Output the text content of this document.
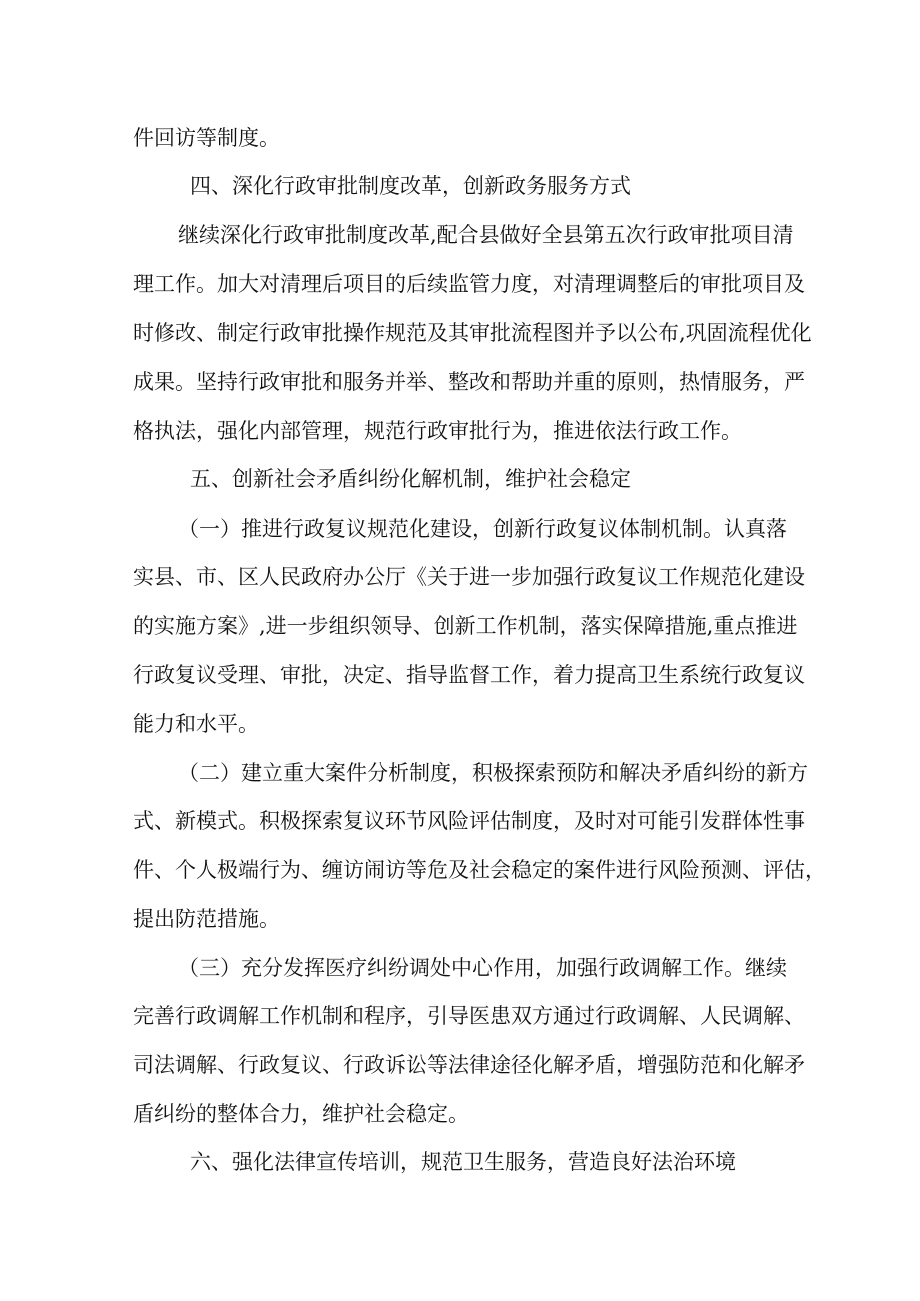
件回访等制度。
四、深化行政审批制度改革，创新政务服务方式
继续深化行政审批制度改革,配合县做好全县第五次行政审批项目清
理工作。加大对清理后项目的后续监管力度，对清理调整后的审批项目及
时修改、制定行政审批操作规范及其审批流程图并予以公布,巩固流程优化
成果。坚持行政审批和服务并举、整改和帮助并重的原则，热情服务，严
格执法，强化内部管理，规范行政审批行为，推进依法行政工作。
五、创新社会矛盾纠纷化解机制，维护社会稳定
（一）推进行政复议规范化建设，创新行政复议体制机制。认真落
实县、市、区人民政府办公厅《关于进一步加强行政复议工作规范化建设
的实施方案》,进一步组织领导、创新工作机制，落实保障措施,重点推进
行政复议受理、审批，决定、指导监督工作，着力提高卫生系统行政复议
能力和水平。
（二）建立重大案件分析制度，积极探索预防和解决矛盾纠纷的新方
式、新模式。积极探索复议环节风险评估制度，及时对可能引发群体性事
件、个人极端行为、缠访闹访等危及社会稳定的案件进行风险预测、评估，
提出防范措施。
（三）充分发挥医疗纠纷调处中心作用，加强行政调解工作。继续
完善行政调解工作机制和程序，引导医患双方通过行政调解、人民调解、
司法调解、行政复议、行政诉讼等法律途径化解矛盾，增强防范和化解矛
盾纠纷的整体合力，维护社会稳定。
六、强化法律宣传培训，规范卫生服务，营造良好法治环境
